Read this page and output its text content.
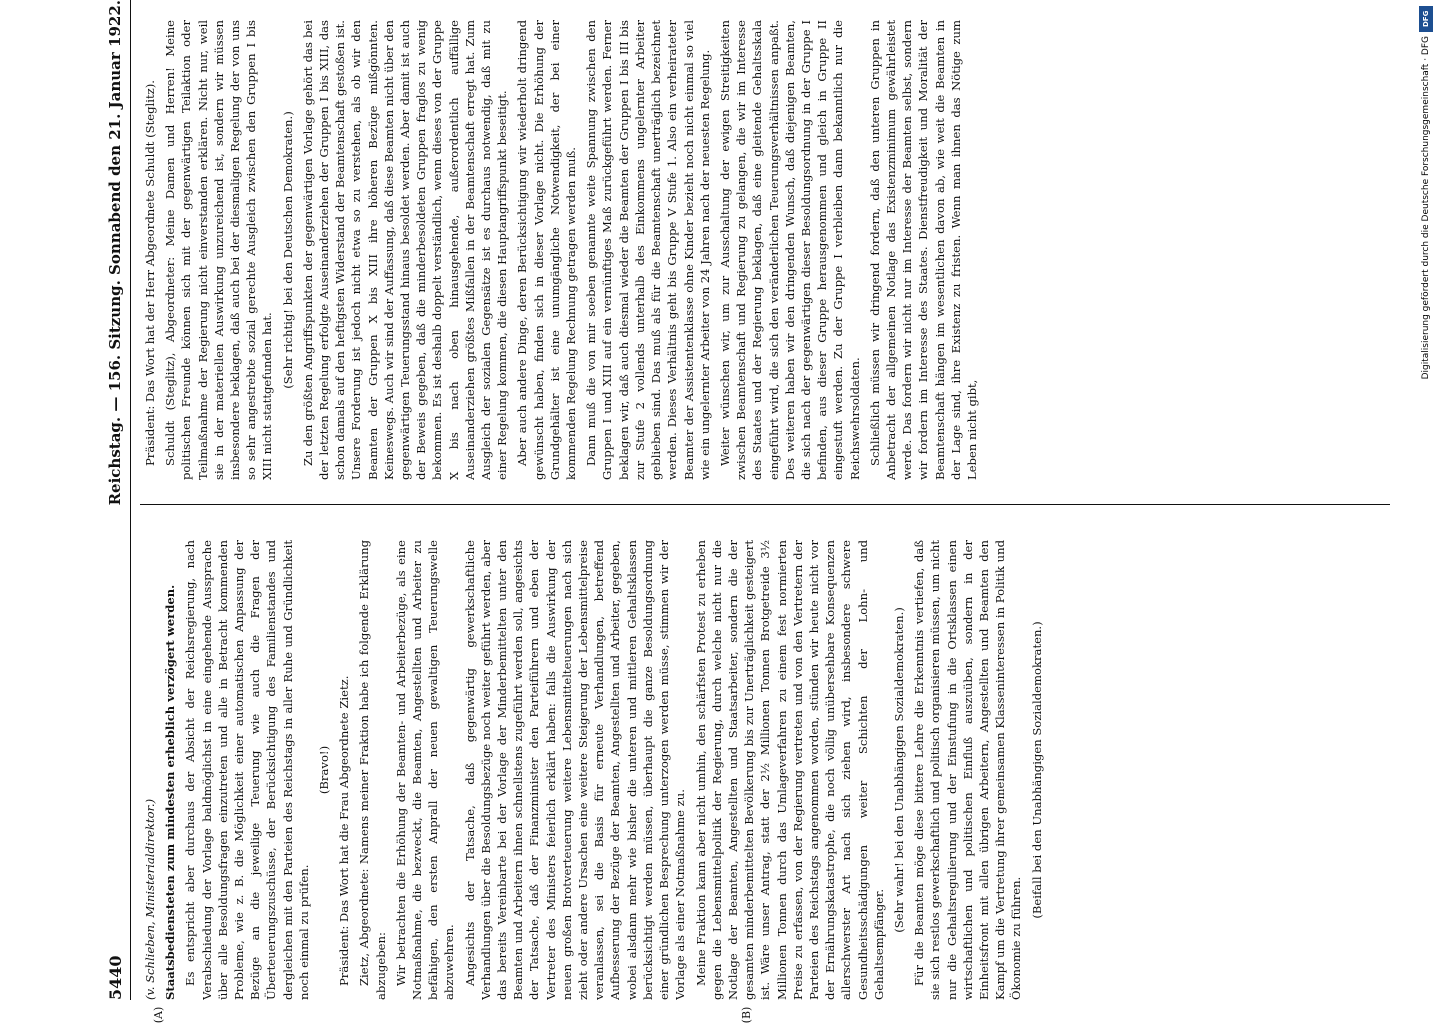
5440
Reichstag. — 156. Sitzung. Sonnabend den 21. Januar 1922.
(A)	(B)

(v. Schlieben, Ministerialdirektor.) Staatsbediensteten zum mindesten erheblich verzögert werden. Es entspricht aber durchaus der Absicht der Reichsregierung, nach Verabschiedung der Vorlage baldmöglichst in eine eingehende Aussprache über alle Besoldungsfragen einzutreten und alle in Betracht kommenden Probleme, wie z. B. die Möglichkeit einer automatischen Anpassung der Bezüge an die jeweilige Teuerung wie auch die Fragen der Überteuerungszuschüsse, der Berücksichtigung des Familienstandes und dergleichen mit den Parteien des Reichstags in aller Ruhe und Gründlichkeit noch einmal zu prüfen.

(Bravo!) Präsident: Das Wort hat die Frau Abgeordnete Zietz. Zietz, Abgeordnete: Namens meiner Fraktion habe ich folgende Erklärung abzugeben: Wir betrachten die Erhöhung der Beamten- und Arbeiterbezüge, als eine Notmaßnahme, die bezweckt, die Beamten, Angestellten und Arbeiter zu befähigen, den ersten Anprall der neuen gewaltigen Teuerungswelle abzuwehren. Angesichts der Tatsache, daß gegenwärtig gewerkschaftliche Verhandlungen über die Besoldungsbezüge noch weiter geführt werden, aber das bereits Vereinbarte bei der Vorlage der Minderbemittelten unter den Beamten und Arbeitern ihnen schnellstens zugeführt werden soll, angesichts der Tatsache, daß der Finanzminister den Parteiführern und eben der Vertreter des Ministers feierlich erklärt haben: falls die Auswirkung der neuen großen Brotverteuerung weitere Lebensmittelteuerungen nach sich zieht oder andere Ursachen eine weitere Steigerung der Lebensmittelpreise veranlassen, sei die Basis für erneute Verhandlungen, betreffend Aufbesserung der Bezüge der Beamten, Angestellten und Arbeiter, gegeben, wobei alsdann mehr wie bisher die unteren und mittleren Gehaltsklassen berücksichtigt werden müssen, überhaupt die ganze Besoldungsordnung einer gründlichen Besprechung unterzogen werden müsse, stimmen wir der Vorlage als einer Notmaßnahme zu. Meine Fraktion kann aber nicht umhin, den schärfsten Protest zu erheben gegen die Lebensmittelpolitik der Regierung, durch welche nicht nur die Notlage der Beamten, Angestellten und Staatsarbeiter, sondern die der gesamten minderbemittelten Bevölkerung bis zur Unerträglichkeit gesteigert ist. Wäre unser Antrag, statt der 2½ Millionen Tonnen Brotgetreide 3½ Millionen Tonnen durch das Umlageverfahren zu einem fest normierten Preise zu erfassen, von der Regierung vertreten und von den Vertretern der Parteien des Reichstags angenommen worden, stünden wir heute nicht vor der Ernährungskatastrophe, die noch völlig unübersehbare Konsequenzen allerschwerster Art nach sich ziehen wird, insbesondere schwere Gesundheitsschädigungen weiter Schichten der Lohn- und Gehaltsempfänger.

(Sehr wahr! bei den Unabhängigen Sozialdemokraten.) Für die Beamten möge diese bittere Lehre die Erkenntnis vertiefen, daß sie sich restlos gewerkschaftlich und politisch organisieren müssen, um nicht nur die Gehaltsregulierung und der Einstufung in die Ortsklassen einen wirtschaftlichen und politischen Einfluß auszuüben, sondern in der Einheitsfront mit allen übrigen Arbeitern, Angestellten und Beamten den Kampf um die Vertretung ihrer gemeinsamen Klasseninteressen in Politik und Ökonomie zu führen.

(Beifall bei den Unabhängigen Sozialdemokraten.)

Präsident: Das Wort hat der Herr Abgeordnete Schuldt (Steglitz). Schuldt (Steglitz), Abgeordneter: Meine Damen und Herren! Meine politischen Freunde können sich mit der gegenwärtigen Teilaktion oder Teilmaßnahme der Regierung nicht einverstanden erklären. Nicht nur, weil sie in der materiellen Auswirkung unzureichend ist, sondern wir müssen insbesondere beklagen, daß auch bei der diesmaligen Regelung der von uns so sehr angestrebte sozial gerechte Ausgleich zwischen den Gruppen I bis XIII nicht stattgefunden hat.

(Sehr richtig! bei den Deutschen Demokraten.) Zu den größten Angriffspunkten der gegenwärtigen Vorlage gehört das bei der letzten Regelung erfolgte Auseinanderziehen der Gruppen I bis XIII, das schon damals auf den heftigsten Widerstand der Beamtenschaft gestoßen ist. Unsere Forderung ist jedoch nicht etwa so zu verstehen, als ob wir den Beamten der Gruppen X bis XIII ihre höheren Bezüge mißgönnten. Keineswegs. Auch wir sind der Auffassung, daß diese Beamten nicht über den gegenwärtigen Teuerungsstand hinaus besoldet werden. Aber damit ist auch der Beweis gegeben, daß die minderbesoldeten Gruppen fraglos zu wenig bekommen. Es ist deshalb doppelt verständlich, wenn dieses von der Gruppe X bis nach oben hinausgehende, außerordentlich auffällige Auseinanderziehen größtes Mißfallen in der Beamtenschaft erregt hat. Zum Ausgleich der sozialen Gegensätze ist es durchaus notwendig, daß mit zu einer Regelung kommen, die diesen Hauptangriffspunkt beseitigt. Aber auch andere Dinge, deren Berücksichtigung wir wiederholt dringend gewünscht haben, finden sich in dieser Vorlage nicht. Die Erhöhung der Grundgehälter ist eine unumgängliche Notwendigkeit, der bei einer kommenden Regelung Rechnung getragen werden muß. Dann muß die von mir soeben genannte weite Spannung zwischen den Gruppen I und XIII auf ein vernünftiges Maß zurückgeführt werden. Ferner beklagen wir, daß auch diesmal wieder die Beamten der Gruppen I bis III bis zur Stufe 2 vollends unterhalb des Einkommens ungelernter Arbeiter geblieben sind. Das muß als für die Beamtenschaft unerträglich bezeichnet werden. Dieses Verhältnis geht bis Gruppe V Stufe 1. Also ein verheirateter Beamter der Assistentenklasse ohne Kinder bezieht noch nicht einmal so viel wie ein ungelernter Arbeiter von 24 Jahren nach der neuesten Regelung. Weiter wünschen wir, um zur Ausschaltung der ewigen Streitigkeiten zwischen Beamtenschaft und Regierung zu gelangen, die wir im Interesse des Staates und der Regierung beklagen, daß eine gleitende Gehaltsskala eingeführt wird, die sich den veränderlichen Teuerungsverhältnissen anpaßt. Des weiteren haben wir den dringenden Wunsch, daß diejenigen Beamten, die sich nach der gegenwärtigen dieser Besoldungsordnung in der Gruppe I befinden, aus dieser Gruppe herausgenommen und gleich in Gruppe II eingestuft werden. Zu der Gruppe I verbleiben dann bekanntlich nur die Reichswehrsoldaten. Schließlich müssen wir dringend fordern, daß den unteren Gruppen in Anbetracht der allgemeinen Notlage das Existenzminimum gewährleistet werde. Das fordern wir nicht nur im Interesse der Beamten selbst, sondern wir fordern im Interesse des Staates. Dienstfreudigkeit und Moralität der Beamtenschaft hängen im wesentlichen davon ab, wie weit die Beamten in der Lage sind, ihre Existenz zu fristen. Wenn man ihnen das Nötige zum Leben nicht gibt,

DFG
Digitalisierung gefördert durch die Deutsche Forschungsgemeinschaft · DFG
